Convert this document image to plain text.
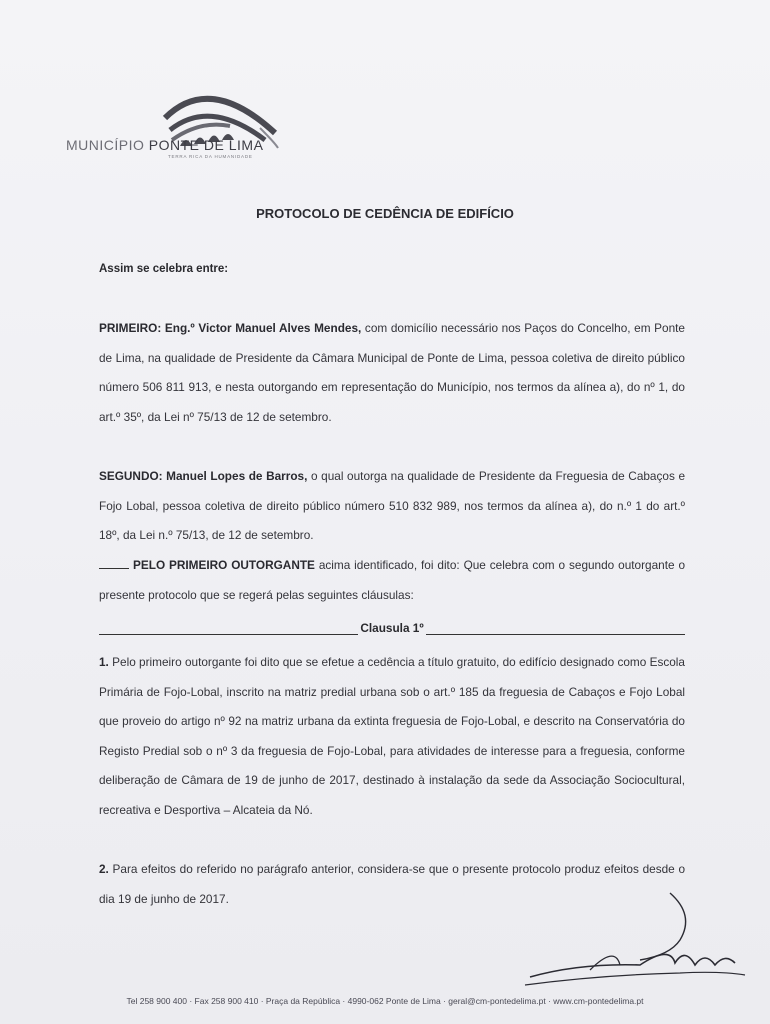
MUNICÍPIO PONTE DE LIMA
TERRA RICA DA HUMANIDADE
PROTOCOLO DE CEDÊNCIA DE EDIFÍCIO
Assim se celebra entre:
PRIMEIRO: Eng.º Victor Manuel Alves Mendes, com domicílio necessário nos Paços do Concelho, em Ponte de Lima, na qualidade de Presidente da Câmara Municipal de Ponte de Lima, pessoa coletiva de direito público número 506 811 913, e nesta outorgando em representação do Município, nos termos da alínea a), do nº 1, do art.º 35º, da Lei nº 75/13 de 12 de setembro.
SEGUNDO: Manuel Lopes de Barros, o qual outorga na qualidade de Presidente da Freguesia de Cabaços e Fojo Lobal, pessoa coletiva de direito público número 510 832 989, nos termos da alínea a), do n.º 1 do art.º 18º, da Lei n.º 75/13, de 12 de setembro.
PELO PRIMEIRO OUTORGANTE acima identificado, foi dito: Que celebra com o segundo outorgante o presente protocolo que se regerá pelas seguintes cláusulas:
Clausula 1º
1. Pelo primeiro outorgante foi dito que se efetue a cedência a título gratuito, do edifício designado como Escola Primária de Fojo-Lobal, inscrito na matriz predial urbana sob o art.º 185 da freguesia de Cabaços e Fojo Lobal que proveio do artigo nº 92 na matriz urbana da extinta freguesia de Fojo-Lobal, e descrito na Conservatória do Registo Predial sob o nº 3 da freguesia de Fojo-Lobal, para atividades de interesse para a freguesia, conforme deliberação de Câmara de 19 de junho de 2017, destinado à instalação da sede da Associação Sociocultural, recreativa e Desportiva – Alcateia da Nó.
2. Para efeitos do referido no parágrafo anterior, considera-se que o presente protocolo produz efeitos desde o dia 19 de junho de 2017.
Tel 258 900 400 · Fax 258 900 410 · Praça da República · 4990-062 Ponte de Lima · geral@cm-pontedelima.pt · www.cm-pontedelima.pt
